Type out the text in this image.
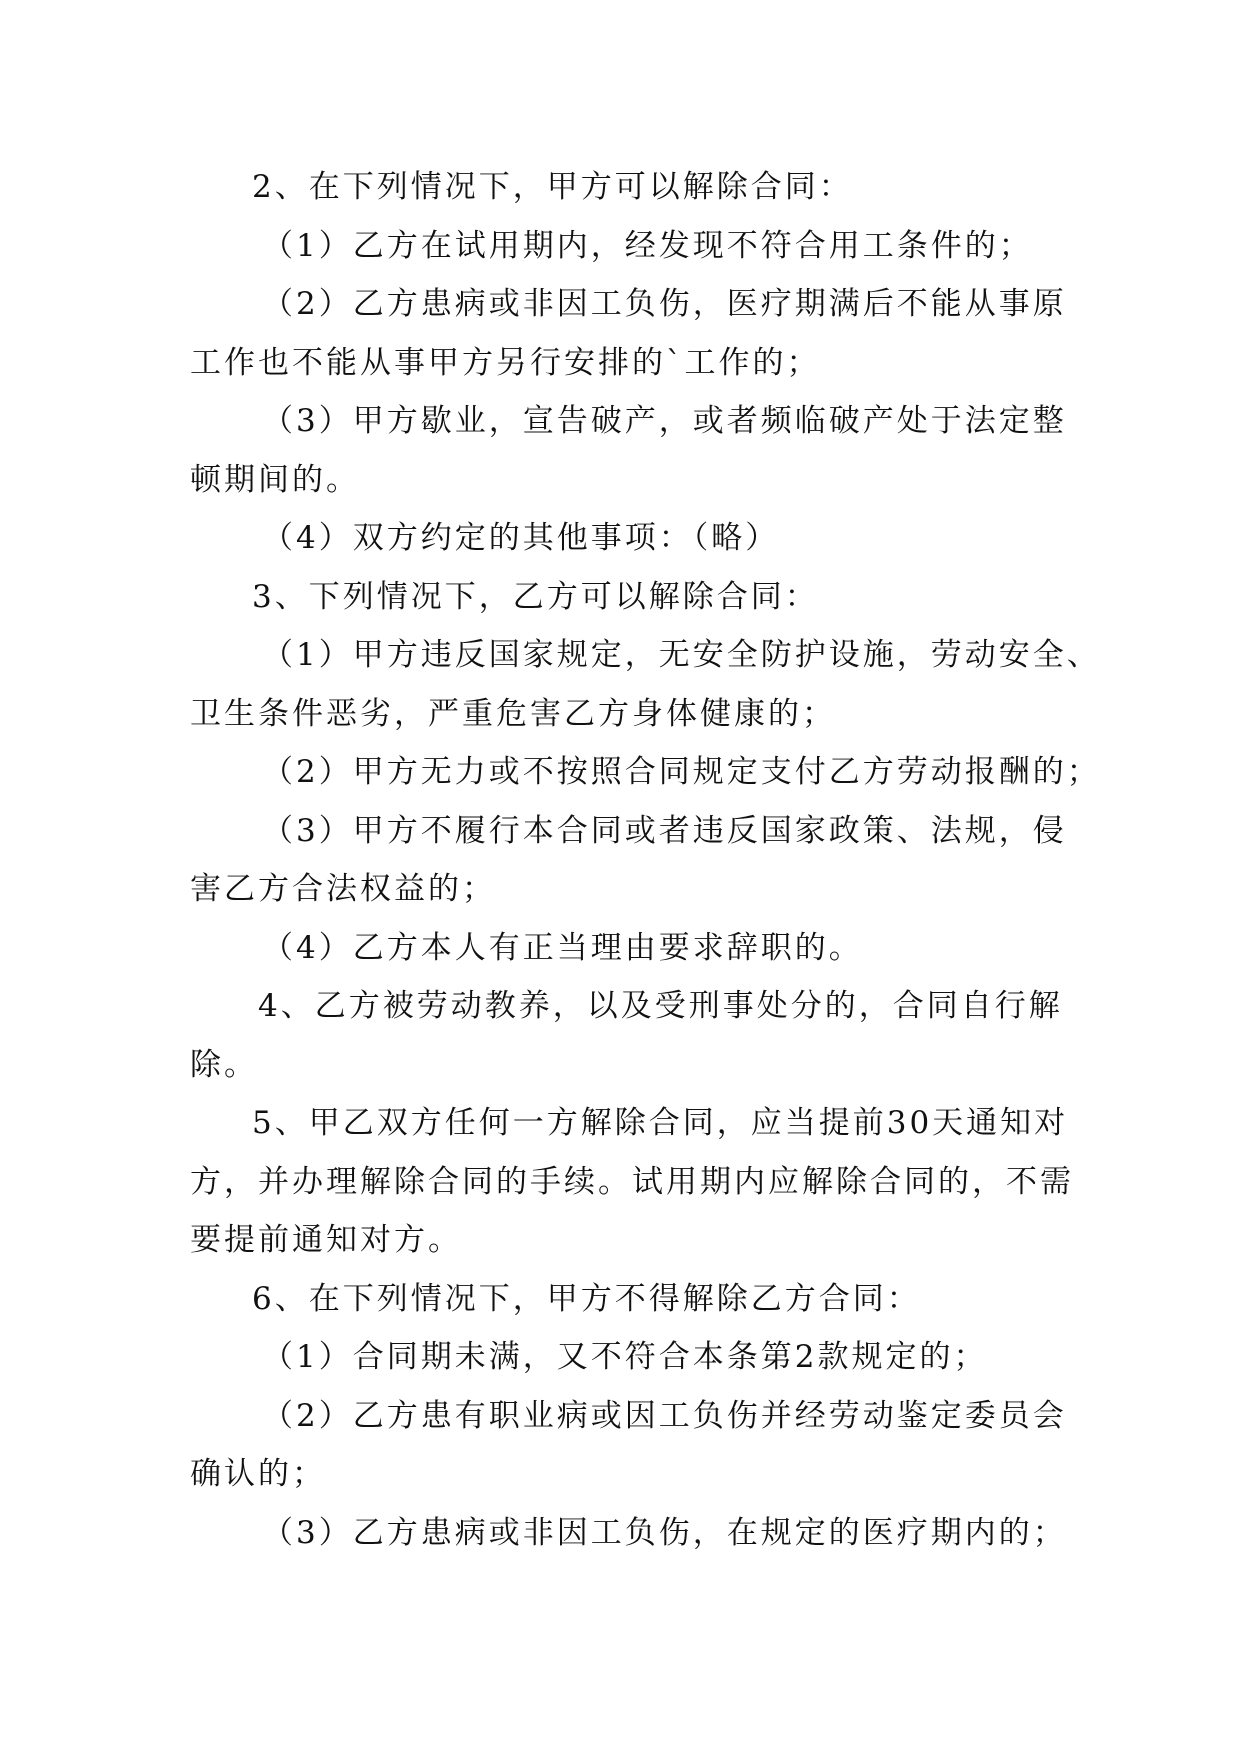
2、在下列情况下，甲方可以解除合同：

（1）乙方在试用期内，经发现不符合用工条件的；

（2）乙方患病或非因工负伤，医疗期满后不能从事原

工作也不能从事甲方另行安排的`工作的；

（3）甲方歇业，宣告破产，或者频临破产处于法定整

顿期间的。

（4）双方约定的其他事项：（略）

3、下列情况下，乙方可以解除合同：

（1）甲方违反国家规定，无安全防护设施，劳动安全、

卫生条件恶劣，严重危害乙方身体健康的；

（2）甲方无力或不按照合同规定支付乙方劳动报酬的；

（3）甲方不履行本合同或者违反国家政策、法规，侵

害乙方合法权益的；

（4）乙方本人有正当理由要求辞职的。

4、乙方被劳动教养，以及受刑事处分的，合同自行解

除。

5、甲乙双方任何一方解除合同，应当提前30天通知对

方，并办理解除合同的手续。试用期内应解除合同的，不需

要提前通知对方。

6、在下列情况下，甲方不得解除乙方合同：

（1）合同期未满，又不符合本条第2款规定的；

（2）乙方患有职业病或因工负伤并经劳动鉴定委员会

确认的；

（3）乙方患病或非因工负伤，在规定的医疗期内的；
